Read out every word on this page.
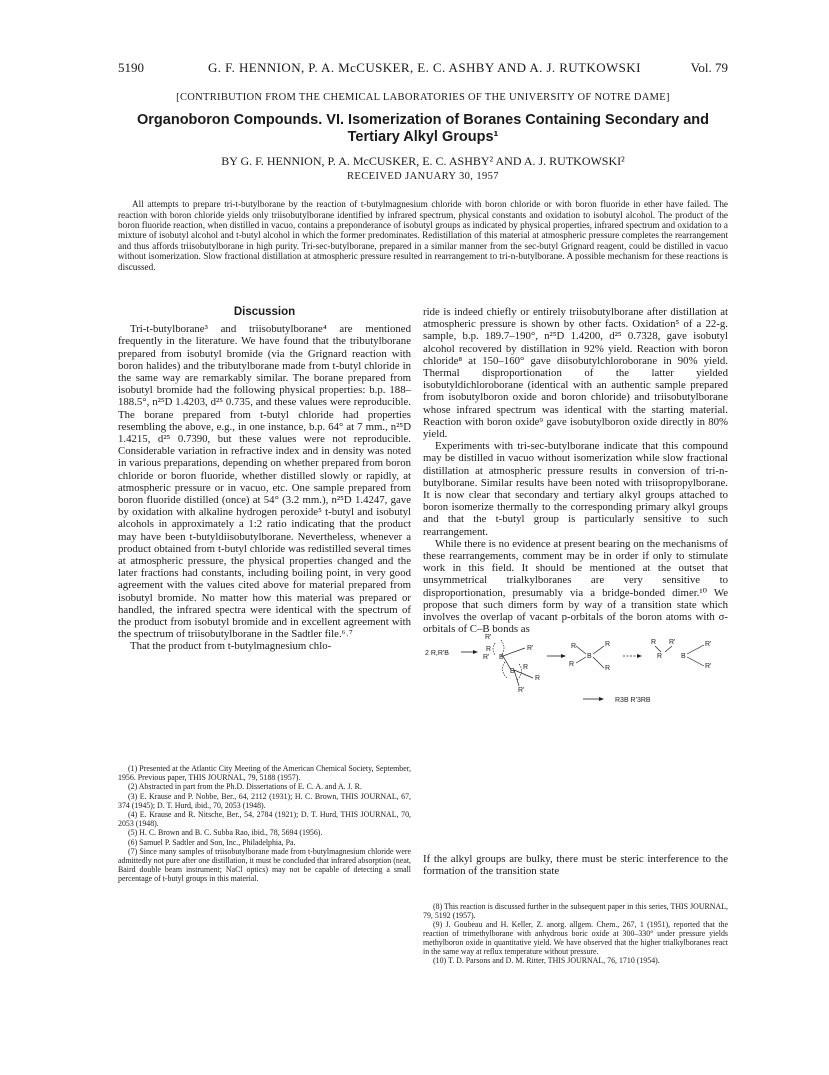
5190	G. F. HENNION, P. A. McCUSKER, E. C. ASHBY AND A. J. RUTKOWSKI	Vol. 79
[CONTRIBUTION FROM THE CHEMICAL LABORATORIES OF THE UNIVERSITY OF NOTRE DAME]
Organoboron Compounds. VI. Isomerization of Boranes Containing Secondary and
Tertiary Alkyl Groups¹
BY G. F. HENNION, P. A. McCUSKER, E. C. ASHBY² AND A. J. RUTKOWSKI²
RECEIVED JANUARY 30, 1957

All attempts to prepare tri-t-butylborane by the reaction of t-butylmagnesium chloride with boron chloride or with boron fluoride in ether have failed. The reaction with boron chloride yields only triisobutylborane identified by infrared spectrum, physical constants and oxidation to isobutyl alcohol. The product of the boron fluoride reaction, when distilled in vacuo, contains a preponderance of isobutyl groups as indicated by physical properties, infrared spectrum and oxidation to a mixture of isobutyl alcohol and t-butyl alcohol in which the former predominates. Redistillation of this material at atmospheric pressure completes the rearrangement and thus affords triisobutylborane in high purity. Tri-sec-butylborane, prepared in a similar manner from the sec-butyl Grignard reagent, could be distilled in vacuo without isomerization. Slow fractional distillation at atmospheric pressure resulted in rearrangement to tri-n-butylborane. A possible mechanism for these reactions is discussed.

Discussion

Tri-t-butylborane³ and triisobutylborane⁴ are mentioned frequently in the literature. We have found that the tributylborane prepared from isobutyl bromide (via the Grignard reaction with boron halides) and the tributylborane made from t-butyl chloride in the same way are remarkably similar. The borane prepared from isobutyl bromide had the following physical properties: b.p. 188–188.5°, n²⁵D 1.4203, d²⁵ 0.735, and these values were reproducible. The borane prepared from t-butyl chloride had properties resembling the above, e.g., in one instance, b.p. 64° at 7 mm., n²⁵D 1.4215, d²⁵ 0.7390, but these values were not reproducible. Considerable variation in refractive index and in density was noted in various preparations, depending on whether prepared from boron chloride or boron fluoride, whether distilled slowly or rapidly, at atmospheric pressure or in vacuo, etc. One sample prepared from boron fluoride distilled (once) at 54° (3.2 mm.), n²⁵D 1.4247, gave by oxidation with alkaline hydrogen peroxide⁵ t-butyl and isobutyl alcohols in approximately a 1:2 ratio indicating that the product may have been t-butyldiisobutylborane. Nevertheless, whenever a product obtained from t-butyl chloride was redistilled several times at atmospheric pressure, the physical properties changed and the later fractions had constants, including boiling point, in very good agreement with the values cited above for material prepared from isobutyl bromide. No matter how this material was prepared or handled, the infrared spectra were identical with the spectrum of the product from isobutyl bromide and in excellent agreement with the spectrum of triisobutylborane in the Sadtler file.⁶˒⁷

That the product from t-butylmagnesium chlo-

(1) Presented at the Atlantic City Meeting of the American Chemical Society, September, 1956. Previous paper, THIS JOURNAL, 79, 5188 (1957).

(2) Abstracted in part from the Ph.D. Dissertations of E. C. A. and A. J. R.

(3) E. Krause and P. Nobbe, Ber., 64, 2112 (1931); H. C. Brown, THIS JOURNAL, 67, 374 (1945); D. T. Hurd, ibid., 70, 2053 (1948).

(4) E. Krause and R. Nitsche, Ber., 54, 2784 (1921); D. T. Hurd, THIS JOURNAL, 70, 2053 (1948).

(5) H. C. Brown and B. C. Subba Rao, ibid., 78, 5694 (1956).

(6) Samuel P. Sadtler and Son, Inc., Philadelphia, Pa.

(7) Since many samples of triisobutylborane made from t-butylmagnesium chloride were admittedly not pure after one distillation, it must be concluded that infrared absorption (neat, Baird double beam instrument; NaCl optics) may not be capable of detecting a small percentage of t-butyl groups in this material.

ride is indeed chiefly or entirely triisobutylborane after distillation at atmospheric pressure is shown by other facts. Oxidation⁵ of a 22-g. sample, b.p. 189.7–190°, n²⁵D 1.4200, d²⁵ 0.7328, gave isobutyl alcohol recovered by distillation in 92% yield. Reaction with boron chloride⁸ at 150–160° gave diisobutylchloroborane in 90% yield. Thermal disproportionation of the latter yielded isobutyldichloroborane (identical with an authentic sample prepared from isobutylboron oxide and boron chloride) and triisobutylborane whose infrared spectrum was identical with the starting material. Reaction with boron oxide⁹ gave isobutylboron oxide directly in 80% yield.

Experiments with tri-sec-butylborane indicate that this compound may be distilled in vacuo without isomerization while slow fractional distillation at atmospheric pressure results in conversion of tri-n-butylborane. Similar results have been noted with triisopropylborane. It is now clear that secondary and tertiary alkyl groups attached to boron isomerize thermally to the corresponding primary alkyl groups and that the t-butyl group is particularly sensitive to such rearrangement.

While there is no evidence at present bearing on the mechanisms of these rearrangements, comment may be in order if only to stimulate work in this field. It should be mentioned at the outset that unsymmetrical trialkylboranes are very sensitive to disproportionation, presumably via a bridge-bonded dimer.¹⁰ We propose that such dimers form by way of a transition state which involves the overlap of vacant p-orbitals of the boron atoms with σ-orbitals of C–B bonds as

2 R,R'B
R'
R
R' B
R'
R
B
R
R'
R
R
B
R
R
R R'
R	B
R'
R'
R3B R'3RB

If the alkyl groups are bulky, there must be steric interference to the formation of the transition state

(8) This reaction is discussed further in the subsequent paper in this series, THIS JOURNAL, 79, 5192 (1957).

(9) J. Goubeau and H. Keller, Z. anorg. allgem. Chem., 267, 1 (1951), reported that the reaction of trimethylborane with anhydrous boric oxide at 300–330° under pressure yields methylboron oxide in quantitative yield. We have observed that the higher trialkylboranes react in the same way at reflux temperature without pressure.

(10) T. D. Parsons and D. M. Ritter, THIS JOURNAL, 76, 1710 (1954).
